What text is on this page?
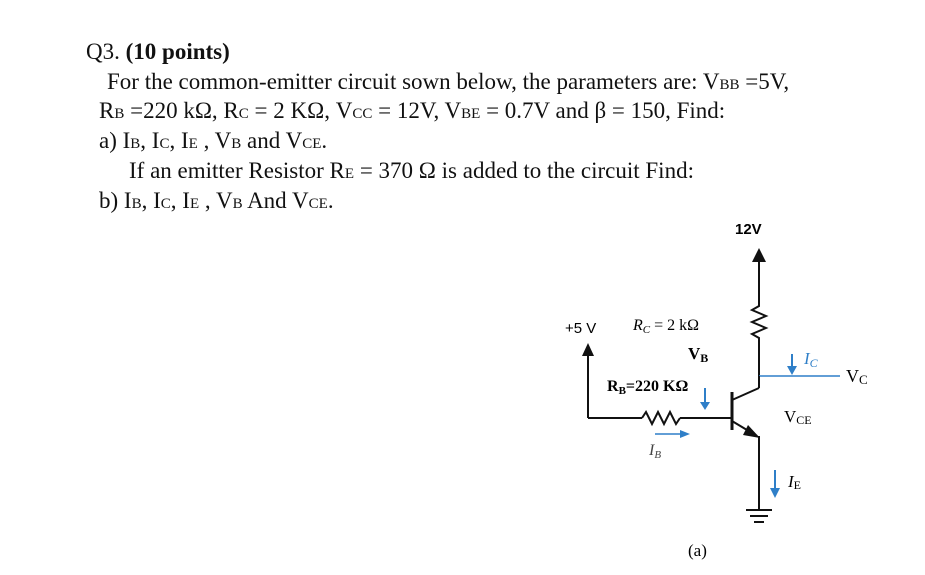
Q3. (10 points)
For the common-emitter circuit sown below, the parameters are: VBB =5V,
RB =220 kΩ, RC = 2 KΩ, VCC = 12V, VBE = 0.7V and β = 150, Find:
a) IB, IC, IE , VB and VCE.
If an emitter Resistor RE = 370 Ω is added to the circuit Find:
b) IB, IC, IE , VB And VCE.
12V
IC
VC
VCE
IE
+5 V RC = 2 kΩ
VB
RB=220 KΩ
IB
(a)
